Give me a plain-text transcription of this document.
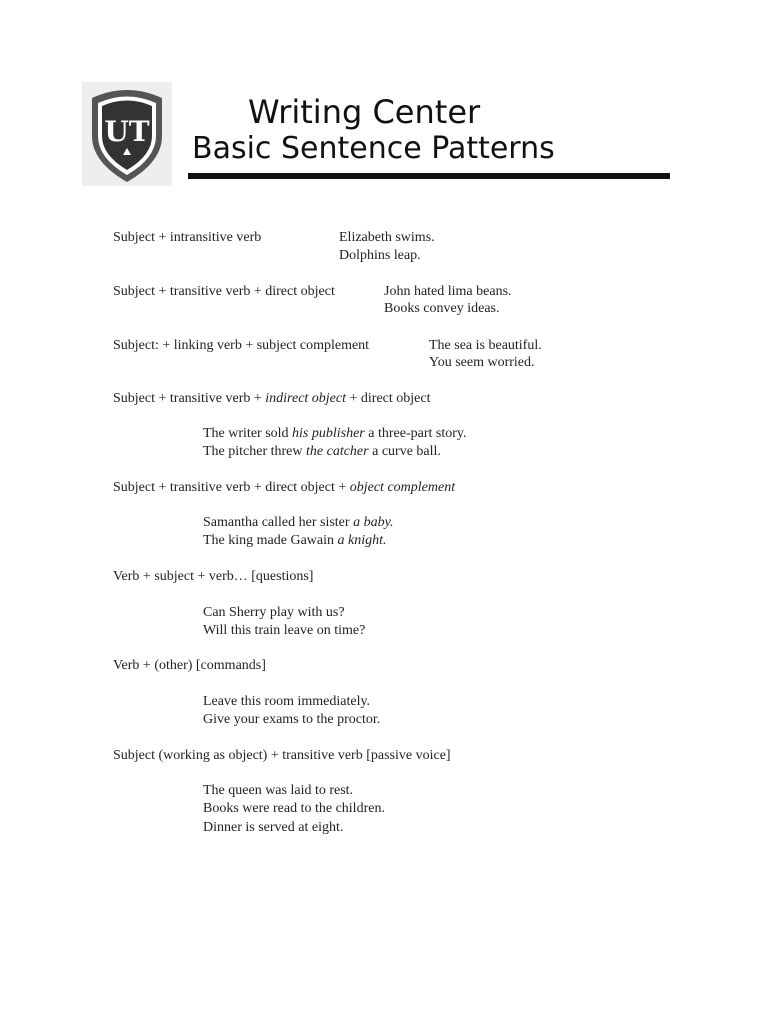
UT
Writing Center
Basic Sentence Patterns
Subject + intransitive verb	Elizabeth swims.
Dolphins leap.
Subject + transitive verb + direct object	John hated lima beans.
Books convey ideas.
Subject: + linking verb + subject complement	The sea is beautiful.
You seem worried.
Subject + transitive verb + indirect object + direct object
The writer sold his publisher a three-part story.
The pitcher threw the catcher a curve ball.
Subject + transitive verb + direct object + object complement
Samantha called her sister a baby.
The king made Gawain a knight.
Verb + subject + verb… [questions]
Can Sherry play with us?
Will this train leave on time?
Verb + (other) [commands]
Leave this room immediately.
Give your exams to the proctor.
Subject (working as object) + transitive verb [passive voice]
The queen was laid to rest.
Books were read to the children.
Dinner is served at eight.
